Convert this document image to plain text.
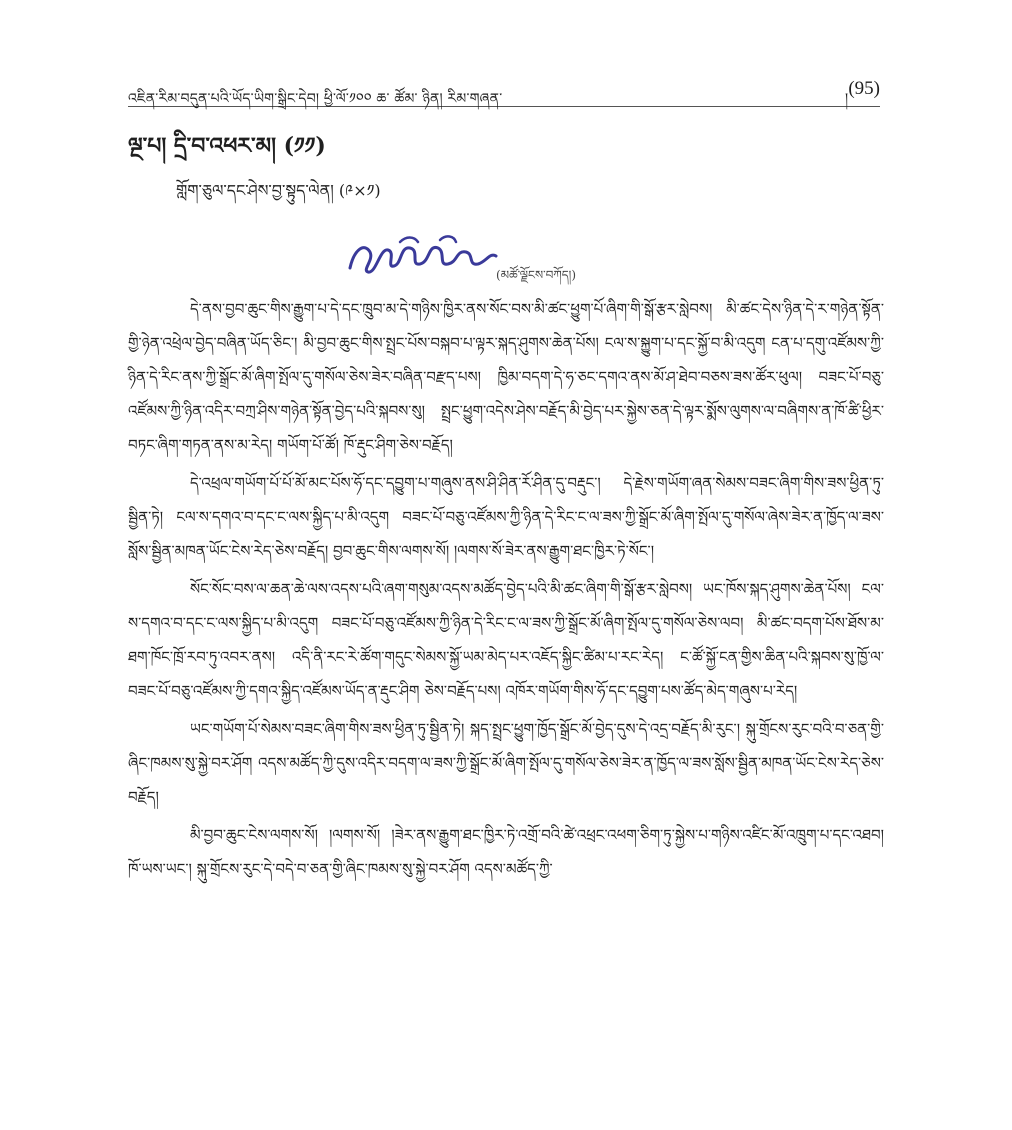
འཇིན་རིམ་བདུན་པའི་ཡོད་ཡིག་སྒྲིང་དེབ། ཕྱི་ལོ་༡༠༠ ཆ་ ཚོམ་ ཉིན། རིམ་གཞན་	། (95)
ལྔ་པ། དྲི་བ་འཕར་མ། (༡༡)
གློག་ཅུལ་དང་ཤེས་བྱ་སྟུད་ལེན། (༩×༡)
(མཚོ་ལྗོངས་བཀོད།)

དེ་ནས་བྱབ་ཆུང་གིས་རྒྱུག་པ་དེ་དང་ཁྲུབ་མ་དེ་གཉིས་ཁྱིར་ནས་སོང་བས་མི་ཚང་ཕྱུག་པོ་ཞིག་གི་སྒོ་རྩར་སླེབས། མི་ཚང་དེས་ཉིན་དེ་ར་གཉེན་སྟོན་གྱི་ཉེན་འཕྲེལ་བྱེད་བཞིན་ཡོད་ཅིང་། མི་བྱབ་ཆུང་གིས་སྤྲང་པོས་བསྐབ་པ་ལྟར་སྐད་ཤུགས་ཆེན་པོས། ངལ་ས་སྐྱུག་པ་དང་སྐྱོ་བ་མི་འདུག ངན་པ་དགུ་འཛོམས་ཀྱི་ཉིན་དེ་རིང་ནས་ཀྱི་སྒྲོང་མོ་ཞིག་སྤོལ་དུ་གསོལ་ཅེས་ཟེར་བཞིན་བརྫད་པས། ཁྱིམ་བདག་དེ་ཧ་ཅང་དགའ་ནས་མོ་ཤ་ཐེབ་བཅས་ཟས་ཚོར་ཕུལ། བཟང་པོ་བཅུ་འཛོམས་ཀྱི་ཉིན་འདིར་བཀྲ་ཤིས་གཉེན་སྟོན་བྱེད་པའི་སྐབས་སུ། སྤྲང་ཕྱུག་འདེས་ཤེས་བརྗོད་མི་བྱེད་པར་སྐྱེས་ཅན་དེ་ལྟར་སྨོས་ལུགས་ལ་བཞིགས་ན་ཁོ་ཚི་ཕྱིར་བཏང་ཞིག་གཏན་ནས་མ་རེད། གཡོག་པོ་ཚོ། ཁོ་རྡུང་ཤིག་ཅེས་བརྗོད།

དེ་འཕྲལ་གཡོག་པོ་པོ་མོ་མང་པོས་ཧོ་དང་དབྱུག་པ་གཞུས་ནས་ཤི་ཤིན་རོ་ཤིན་དུ་བརྡུང་། དེ་རྗེས་གཡོག་ཞན་སེམས་བཟང་ཞིག་གིས་ཟས་ཕྱིན་ཏུ་སྦྱིན་ཏེ། ངལ་ས་དགའ་བ་དང་ང་ལས་སྐྱིད་པ་མི་འདུག བཟང་པོ་བཅུ་འཛོམས་ཀྱི་ཉིན་དེ་རིང་ང་ལ་ཟས་ཀྱི་སྒྲོང་མོ་ཞིག་སྤོལ་དུ་གསོལ་ཞེས་ཟེར་ན་ཁྱོད་ལ་ཟས་སློས་སྦྱིན་མཁན་ཡོང་ངེས་རེད་ཅེས་བརྗོད། བྱབ་ཆུང་གིས་ལགས་སོ། །ལགས་སོ་ཟེར་ནས་རྒྱུག་ཐང་ཁྱིར་ཏེ་སོང་།

སོང་སོང་བས་ལ་ཆན་ཆེ་ལས་འདས་པའི་ཞག་གསུམ་འདས་མཚོད་བྱེད་པའི་མི་ཚང་ཞིག་གི་སྒོ་རྩར་སླེབས། ཡང་ཁོས་སྐད་ཤུགས་ཆེན་པོས། ངལ་ས་དགའ་བ་དང་ང་ལས་སྐྱིད་པ་མི་འདུག བཟང་པོ་བཅུ་འཛོམས་ཀྱི་ཉིན་དེ་རིང་ང་ལ་ཟས་ཀྱི་སྒྲོང་མོ་ཞིག་སྤོལ་དུ་གསོལ་ཅེས་ལབ། མི་ཚང་བདག་པོས་ཐོས་མ་ཐག་ཁོང་ཁྲོ་རབ་ཏུ་འབར་ནས། འདི་ནི་རང་རེ་ཚོག་གདུང་སེམས་སྐྱོ་ཡམ་མེད་པར་འཇོད་སྐྱིང་ཚིམ་པ་རང་རེད། ང་ཚོ་སྐྱོ་ངན་གྱིས་ཆིན་པའི་སྐབས་སུ་ཁྱོ་ལ་བཟང་པོ་བཅུ་འཛོམས་ཀྱི་དགའ་སྐྱིད་འཛོམས་ཡོད་ན་རྡུང་ཤིག ཅེས་བརྗོད་པས། འཁོར་གཡོག་གིས་ཧོ་དང་དབྱུག་པས་ཚོད་མེད་གཞུས་པ་རེད།

ཡང་གཡོག་པོ་སེམས་བཟང་ཞིག་གིས་ཟས་ཕྱིན་ཏུ་སྦྱིན་ཏེ། སྐད་སྤྲང་ཕྱུག་ཁྱོད་སྒྲོང་མོ་བྱེད་དུས་དེ་འདྲ་བརྗོད་མི་རུང་། སྐུ་གྲོངས་རུང་བའི་བ་ཅན་གྱི་ཞིང་ཁམས་སུ་སྐྱེ་བར་ཤོག འདས་མཚོད་ཀྱི་དུས་འདིར་བདག་ལ་ཟས་ཀྱི་སྒྲོང་མོ་ཞིག་སྤོལ་དུ་གསོལ་ཅེས་ཟེར་ན་ཁྱོད་ལ་ཟས་སློས་སྦྱིན་མཁན་ཡོང་ངེས་རེད་ཅེས་བརྗོད།

མི་བྱབ་ཆུང་ངེས་ལགས་སོ། །ལགས་སོ། །ཟེར་ནས་རྒྱུག་ཐང་ཁྱིར་ཏེ་འགྲོ་བའི་ཚེ་འཕྲང་འཕག་ཅིག་ཏུ་སྐྱེས་པ་གཉིས་འཛིང་མོ་འཁྲུག་པ་དང་འཐབ། ཁོ་ཡས་ཡང་། སྐུ་གྲོངས་རུང་དེ་བདེ་བ་ཅན་གྱི་ཞིང་ཁམས་སུ་སྐྱེ་བར་ཤོག འདས་མཚོད་ཀྱི་
